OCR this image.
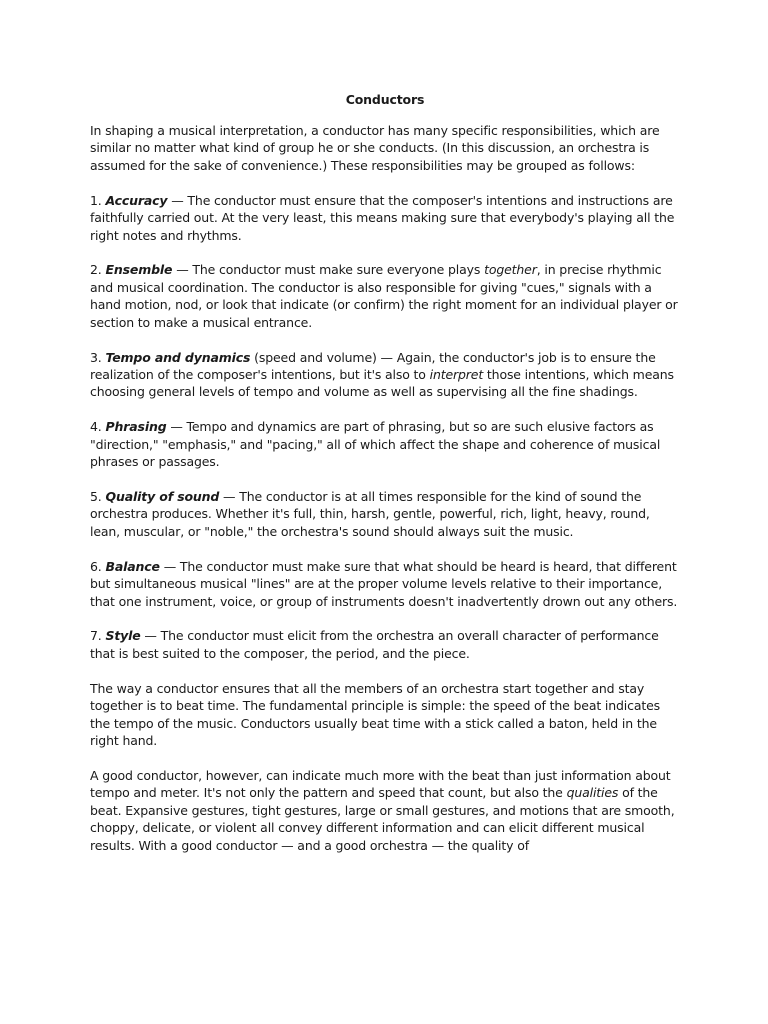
Conductors

In shaping a musical interpretation, a conductor has many specific responsibilities, which are similar no matter what kind of group he or she conducts. (In this discussion, an orchestra is assumed for the sake of convenience.) These responsibilities may be grouped as follows:

1. Accuracy — The conductor must ensure that the composer's intentions and instructions are faithfully carried out. At the very least, this means making sure that everybody's playing all the right notes and rhythms.

2. Ensemble — The conductor must make sure everyone plays together, in precise rhythmic and musical coordination. The conductor is also responsible for giving "cues," signals with a hand motion, nod, or look that indicate (or confirm) the right moment for an individual player or section to make a musical entrance.

3. Tempo and dynamics (speed and volume) — Again, the conductor's job is to ensure the realization of the composer's intentions, but it's also to interpret those intentions, which means choosing general levels of tempo and volume as well as supervising all the fine shadings.

4. Phrasing — Tempo and dynamics are part of phrasing, but so are such elusive factors as "direction," "emphasis," and "pacing," all of which affect the shape and coherence of musical phrases or passages.

5. Quality of sound — The conductor is at all times responsible for the kind of sound the orchestra produces. Whether it's full, thin, harsh, gentle, powerful, rich, light, heavy, round, lean, muscular, or "noble," the orchestra's sound should always suit the music.

6. Balance — The conductor must make sure that what should be heard is heard, that different but simultaneous musical "lines" are at the proper volume levels relative to their importance, that one instrument, voice, or group of instruments doesn't inadvertently drown out any others.

7. Style — The conductor must elicit from the orchestra an overall character of performance that is best suited to the composer, the period, and the piece.

The way a conductor ensures that all the members of an orchestra start together and stay together is to beat time. The fundamental principle is simple: the speed of the beat indicates the tempo of the music. Conductors usually beat time with a stick called a baton, held in the right hand.

A good conductor, however, can indicate much more with the beat than just information about tempo and meter. It's not only the pattern and speed that count, but also the qualities of the beat. Expansive gestures, tight gestures, large or small gestures, and motions that are smooth, choppy, delicate, or violent all convey different information and can elicit different musical results. With a good conductor — and a good orchestra — the quality of
